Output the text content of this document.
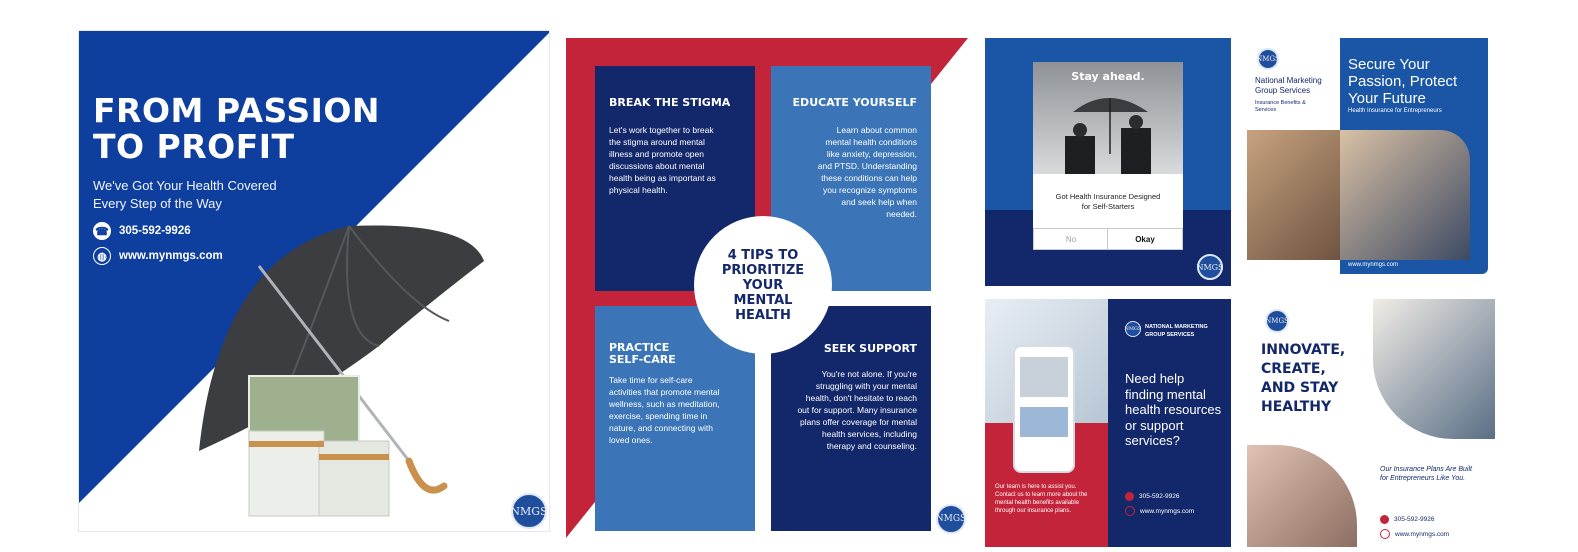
FROM PASSION
TO PROFIT
We've Got Your Health Covered
Every Step of the Way
☎ 305-592-9926
◍	www.mynmgs.com
NMGS
BREAK THE STIGMA
Let's work together to break the stigma around mental illness and promote open discussions about mental health being as important as physical health.
EDUCATE YOURSELF
Learn about common mental health conditions like anxiety, depression, and PTSD. Understanding these conditions can help you recognize symptoms and seek help when needed.
PRACTICE SELF-CARE
Take time for self-care activities that promote mental wellness, such as meditation, exercise, spending time in nature, and connecting with loved ones.
SEEK SUPPORT
You're not alone. If you're struggling with your mental health, don't hesitate to reach out for support. Many insurance plans offer coverage for mental health services, including therapy and counseling.
4 TIPS TO PRIORITIZE YOUR MENTAL HEALTH
NMGS
Stay ahead.
Got Health Insurance Designed for Self-Starters
No	Okay
NMGS
NMGS
National Marketing Group Services
Insurance Benefits & Services
Secure Your Passion, Protect Your Future
Health Insurance for Entrepreneurs
www.mynmgs.com
Our team is here to assist you. Contact us to learn more about the mental health benefits available through our insurance plans.
NMGS NATIONAL MARKETING GROUP SERVICES
Need help finding mental health resources or support services?
305-592-9926
www.mynmgs.com
NMGS
INNOVATE, CREATE, AND STAY HEALTHY
Our Insurance Plans Are Built for Entrepreneurs Like You.
305-592-9926
www.mynmgs.com
